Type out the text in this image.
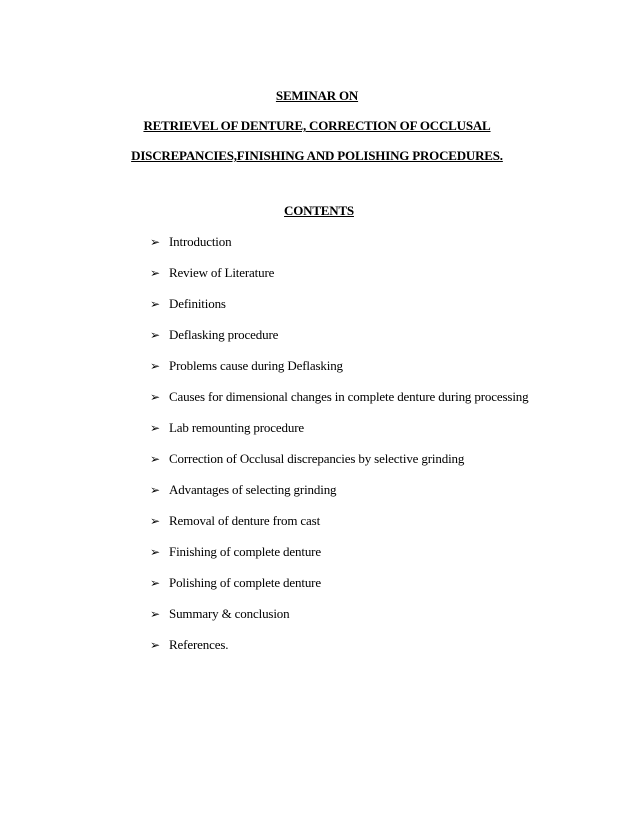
SEMINAR ON
RETRIEVEL OF DENTURE, CORRECTION OF OCCLUSAL
DISCREPANCIES,FINISHING AND POLISHING PROCEDURES.
CONTENTS
➢ Introduction
➢ Review of Literature
➢ Definitions
➢ Deflasking procedure
➢ Problems cause during Deflasking
➢ Causes for dimensional changes in complete denture during processing
➢ Lab remounting procedure
➢ Correction of Occlusal discrepancies by selective grinding
➢ Advantages of selecting grinding
➢ Removal of denture from cast
➢ Finishing of complete denture
➢ Polishing of complete denture
➢ Summary & conclusion
➢ References.
